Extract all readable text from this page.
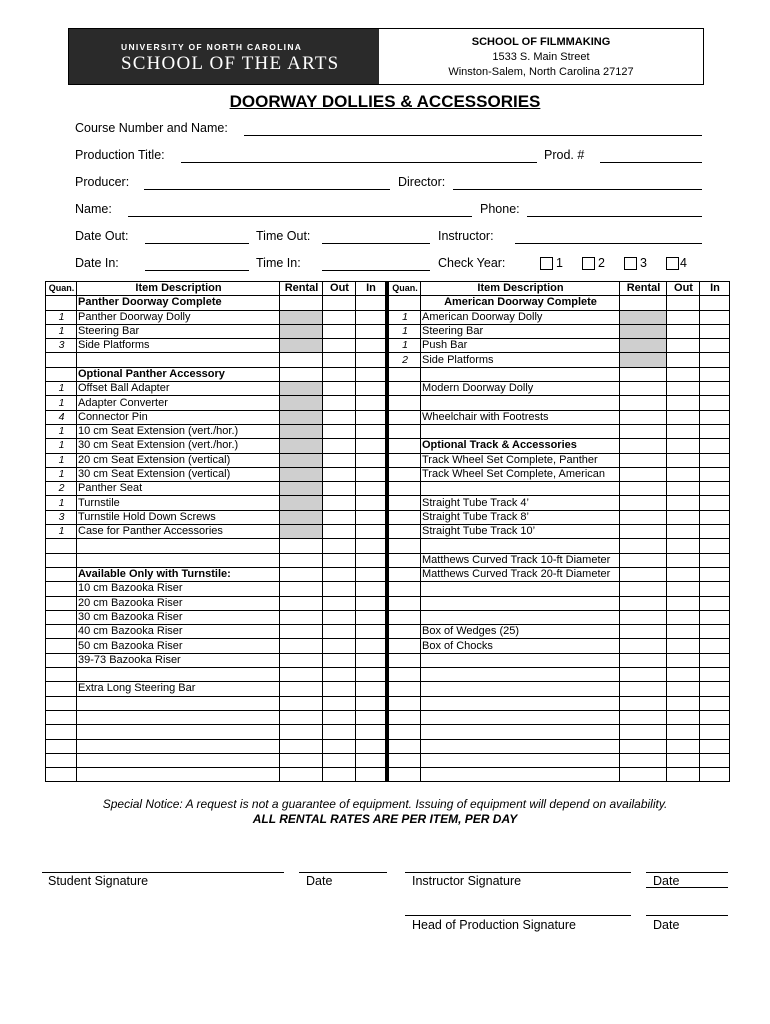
UNIVERSITY OF NORTH CAROLINA
SCHOOL OF THE ARTS
SCHOOL OF FILMMAKING
1533 S. Main Street
Winston-Salem, North Carolina 27127
DOORWAY DOLLIES & ACCESSORIES
Course Number and Name:
Production Title:	Prod. #
Producer:	Director:
Name:	Phone:
Date Out:	Time Out:	Instructor:
Date In:	Time In:	Check Year:	1	2	3	4
Quan.	Item Description	Rental	Out	In
	Panther Doorway Complete			
1	Panther Doorway Dolly			
1	Steering Bar			
3	Side Platforms			

	Optional Panther Accessory			
1	Offset Ball Adapter			
1	Adapter Converter			
4	Connector Pin			
1	10 cm Seat Extension (vert./hor.)			
1	30 cm Seat Extension (vert./hor.)			
1	20 cm Seat Extension (vertical)			
1	30 cm Seat Extension (vertical)			
2	Panther Seat			
1	Turnstile			
3	Turnstile Hold Down Screws			
1	Case for Panther Accessories			

	Available Only with Turnstile:			
	10 cm Bazooka Riser			
	20 cm Bazooka Riser			
	30 cm Bazooka Riser			
	40 cm Bazooka Riser			
	50 cm Bazooka Riser			
	39-73 Bazooka Riser			

	Extra Long Steering Bar			

Quan.	Item Description	Rental	Out	In
	American Doorway Complete			
1	American Doorway Dolly			
1	Steering Bar			
1	Push Bar			
2	Side Platforms			

	Modern Doorway Dolly			

	Wheelchair with Footrests			

	Optional Track & Accessories			
	Track Wheel Set Complete, Panther			
	Track Wheel Set Complete, American			

	Straight Tube Track 4’			
	Straight Tube Track 8’			
	Straight Tube Track 10’			

	Matthews Curved Track 10-ft Diameter			
	Matthews Curved Track 20-ft Diameter			

	Box of Wedges (25)			
	Box of Chocks			

Special Notice: A request is not a guarantee of equipment. Issuing of equipment will depend on availability.
ALL RENTAL RATES ARE PER ITEM, PER DAY
Student Signature	Date	Instructor Signature	Date
Head of Production Signature	Date
